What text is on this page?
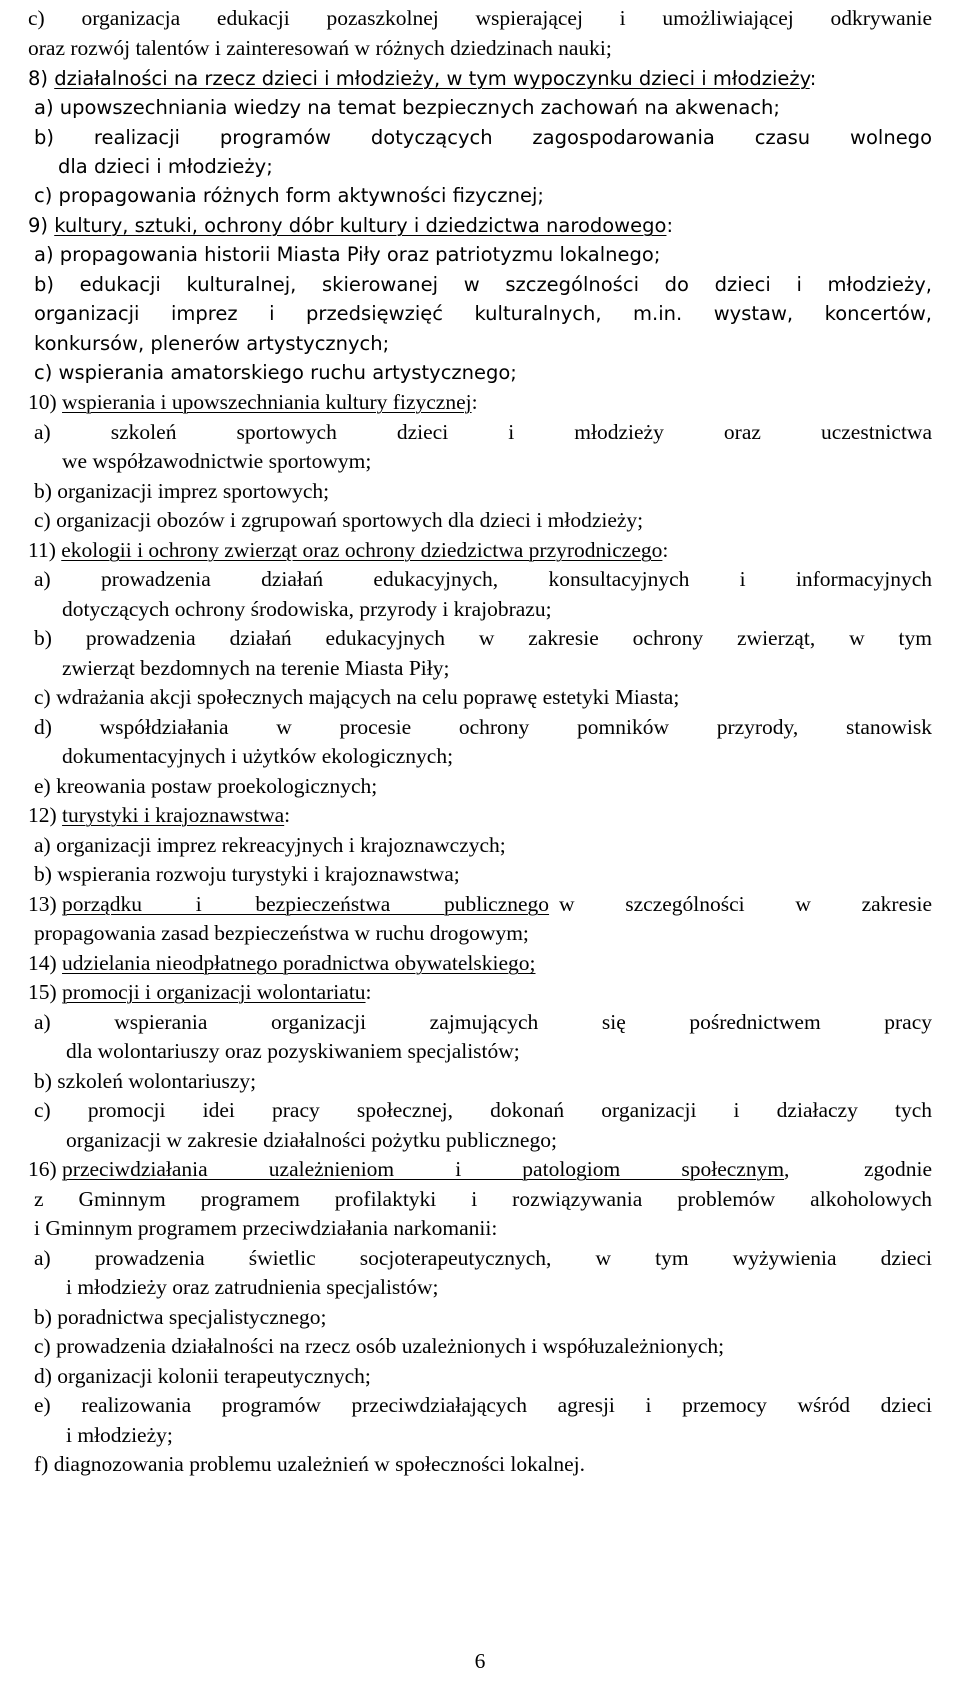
c) organizacja edukacji pozaszkolnej wspierającej i umożliwiającej odkrywanie
oraz rozwój talentów i zainteresowań w różnych dziedzinach nauki;
8) działalności na rzecz dzieci i młodzieży, w tym wypoczynku dzieci i młodzieży:
a) upowszechniania wiedzy na temat bezpiecznych zachowań na akwenach;
b) realizacji programów dotyczących zagospodarowania czasu wolnego
dla dzieci i młodzieży;
c) propagowania różnych form aktywności fizycznej;
9) kultury, sztuki, ochrony dóbr kultury i dziedzictwa narodowego:
a) propagowania historii Miasta Piły oraz patriotyzmu lokalnego;
b) edukacji kulturalnej, skierowanej w szczególności do dzieci i młodzieży,
organizacji imprez i przedsięwzięć kulturalnych, m.in. wystaw, koncertów,
konkursów, plenerów artystycznych;
c) wspierania amatorskiego ruchu artystycznego;
10) wspierania i upowszechniania kultury fizycznej:
a) szkoleń sportowych dzieci i młodzieży oraz uczestnictwa
we współzawodnictwie sportowym;
b) organizacji imprez sportowych;
c) organizacji obozów i zgrupowań sportowych dla dzieci i młodzieży;
11) ekologii i ochrony zwierząt oraz ochrony dziedzictwa przyrodniczego:
a) prowadzenia działań edukacyjnych, konsultacyjnych i informacyjnych
dotyczących ochrony środowiska, przyrody i krajobrazu;
b) prowadzenia działań edukacyjnych w zakresie ochrony zwierząt, w tym
zwierząt bezdomnych na terenie Miasta Piły;
c) wdrażania akcji społecznych mających na celu poprawę estetyki Miasta;
d) współdziałania w procesie ochrony pomników przyrody, stanowisk
dokumentacyjnych i użytków ekologicznych;
e) kreowania postaw proekologicznych;
12) turystyki i krajoznawstwa:
a) organizacji imprez rekreacyjnych i krajoznawczych;
b) wspierania rozwoju turystyki i krajoznawstwa;
13) porządku i bezpieczeństwa publicznego w szczególności w zakresie
propagowania zasad bezpieczeństwa w ruchu drogowym;
14) udzielania nieodpłatnego poradnictwa obywatelskiego;
15) promocji i organizacji wolontariatu:
a) wspierania organizacji zajmujących się pośrednictwem pracy
dla wolontariuszy oraz pozyskiwaniem specjalistów;
b) szkoleń wolontariuszy;
c) promocji idei pracy społecznej, dokonań organizacji i działaczy tych
organizacji w zakresie działalności pożytku publicznego;
16) przeciwdziałania uzależnieniom i patologiom społecznym , zgodnie
z Gminnym programem profilaktyki i rozwiązywania problemów alkoholowych
i Gminnym programem przeciwdziałania narkomanii:
a) prowadzenia świetlic socjoterapeutycznych, w tym wyżywienia dzieci
i młodzieży oraz zatrudnienia specjalistów;
b) poradnictwa specjalistycznego;
c) prowadzenia działalności na rzecz osób uzależnionych i współuzależnionych;
d) organizacji kolonii terapeutycznych;
e) realizowania programów przeciwdziałających agresji i przemocy wśród dzieci
i młodzieży;
f) diagnozowania problemu uzależnień w społeczności lokalnej.
6
